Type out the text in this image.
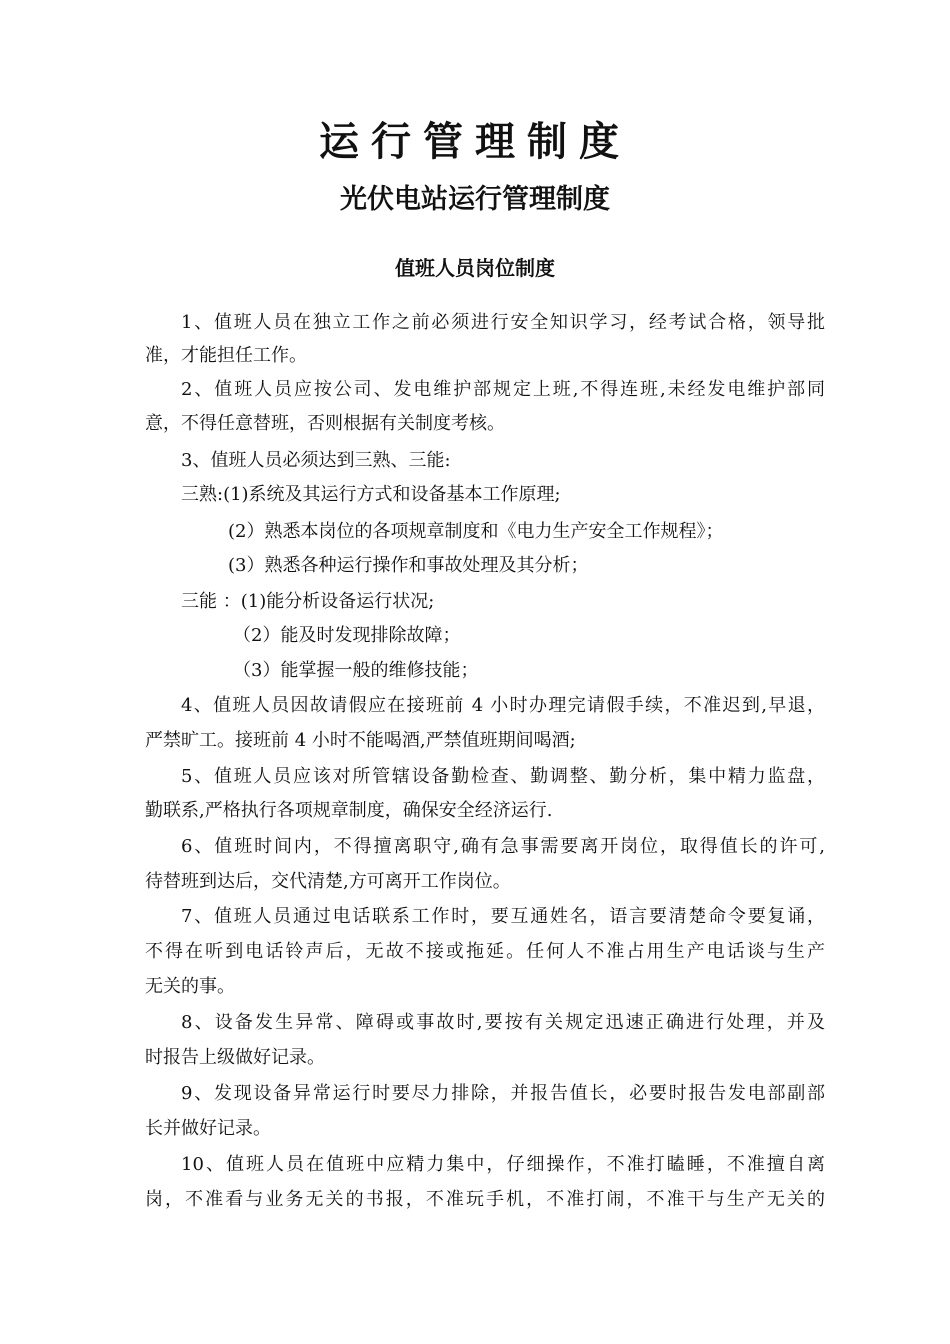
运行管理制度
光伏电站运行管理制度
值班人员岗位制度
1、值班人员在独立工作之前必须进行安全知识学习，经考试合格，领导批
准，才能担任工作。
2、值班人员应按公司、发电维护部规定上班,不得连班,未经发电维护部同
意，不得任意替班，否则根据有关制度考核。
3、值班人员必须达到三熟、三能:
三熟:(1)系统及其运行方式和设备基本工作原理;
(2）熟悉本岗位的各项规章制度和《电力生产安全工作规程》；
(3）熟悉各种运行操作和事故处理及其分析；
三能 ：(1)能分析设备运行状况;
（2）能及时发现排除故障；
（3）能掌握一般的维修技能；
4、值班人员因故请假应在接班前 4 小时办理完请假手续，不准迟到,早退，
严禁旷工。接班前 4 小时不能喝酒,严禁值班期间喝酒;
5、值班人员应该对所管辖设备勤检查、勤调整、勤分析，集中精力监盘，
勤联系,严格执行各项规章制度，确保安全经济运行.
6、值班时间内，不得擅离职守,确有急事需要离开岗位，取得值长的许可,
待替班到达后，交代清楚,方可离开工作岗位。
7、值班人员通过电话联系工作时，要互通姓名，语言要清楚命令要复诵，
不得在听到电话铃声后，无故不接或拖延。任何人不准占用生产电话谈与生产
无关的事。
8、设备发生异常、障碍或事故时,要按有关规定迅速正确进行处理，并及
时报告上级做好记录。
9、发现设备异常运行时要尽力排除，并报告值长，必要时报告发电部副部
长并做好记录。
10、值班人员在值班中应精力集中，仔细操作，不准打瞌睡，不准擅自离
岗，不准看与业务无关的书报，不准玩手机，不准打闹，不准干与生产无关的
